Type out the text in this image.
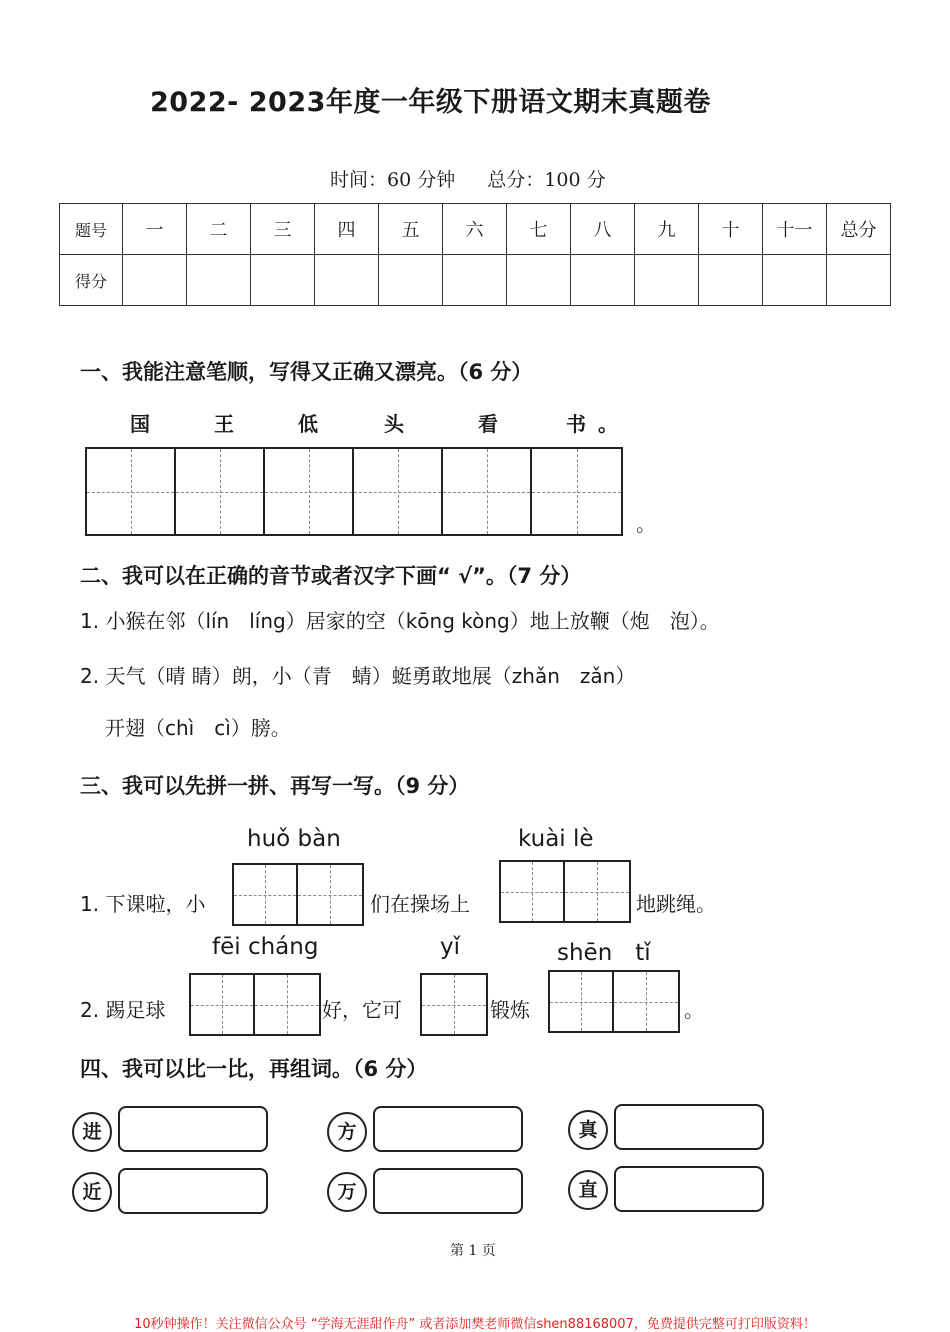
2022- 2023年度一年级下册语文期末真题卷
时间：60 分钟 总分：100 分
题号	一	二	三	四	五	六	七	八	九	十	十一	总分
得分												
一、我能注意笔顺，写得又正确又漂亮。（6 分）
国	王	低	头	看	书 。
。
二、我可以在正确的音节或者汉字下画“ √”。（7 分）
1. 小猴在邻（lín　líng）居家的空（kōng kòng）地上放鞭（炮　泡）。
2. 天气（晴 睛）朗，小（青　蜻）蜓勇敢地展（zhǎn　zǎn）
开翅（chì　cì）膀。
三、我可以先拼一拼、再写一写。（9 分）
huǒ bàn	kuài lè
1. 下课啦，小	们在操场上	地跳绳。
fēi cháng	yǐ	shēn　tǐ
2. 踢足球	好，它可	锻炼	。
四、我可以比一比，再组词。（6 分）
进
近
方
万
真
直
第 1 页
10秒钟操作！关注微信公众号 “学海无涯甜作舟” 或者添加樊老师微信shen88168007，免费提供完整可打印版资料！
